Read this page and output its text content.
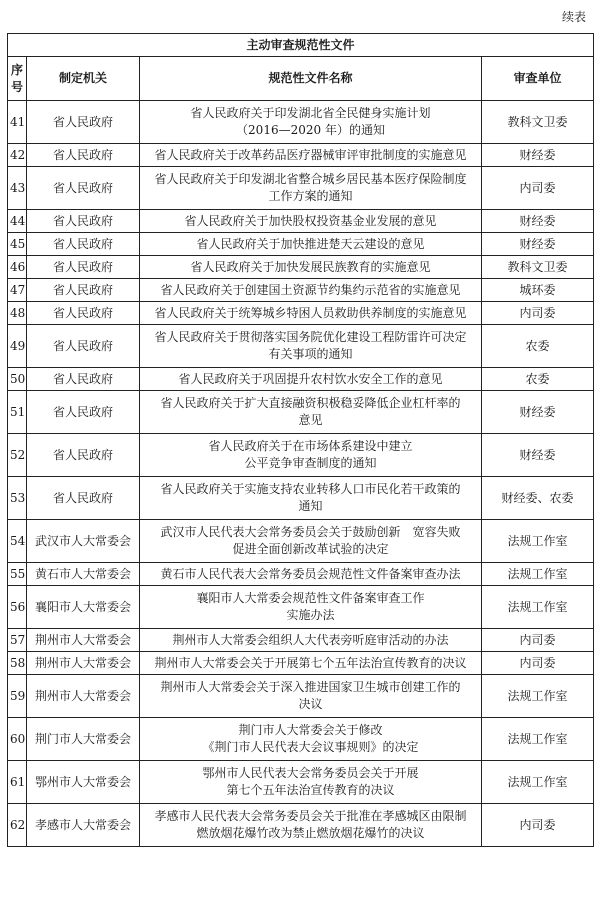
续表
主动审查规范性文件			
序号	制定机关	规范性文件名称	审查单位
41	省人民政府	省人民政府关于印发湖北省全民健身实施计划
（2016—2020 年）的通知	教科文卫委
42	省人民政府	省人民政府关于改革药品医疗器械审评审批制度的实施意见	财经委
43	省人民政府	省人民政府关于印发湖北省整合城乡居民基本医疗保险制度
工作方案的通知	内司委
44	省人民政府	省人民政府关于加快股权投资基金业发展的意见	财经委
45	省人民政府	省人民政府关于加快推进楚天云建设的意见	财经委
46	省人民政府	省人民政府关于加快发展民族教育的实施意见	教科文卫委
47	省人民政府	省人民政府关于创建国土资源节约集约示范省的实施意见	城环委
48	省人民政府	省人民政府关于统筹城乡特困人员救助供养制度的实施意见	内司委
49	省人民政府	省人民政府关于贯彻落实国务院优化建设工程防雷许可决定
有关事项的通知	农委
50	省人民政府	省人民政府关于巩固提升农村饮水安全工作的意见	农委
51	省人民政府	省人民政府关于扩大直接融资积极稳妥降低企业杠杆率的
意见	财经委
52	省人民政府	省人民政府关于在市场体系建设中建立
公平竞争审查制度的通知	财经委
53	省人民政府	省人民政府关于实施支持农业转移人口市民化若干政策的
通知	财经委、农委
54	武汉市人大常委会	武汉市人民代表大会常务委员会关于鼓励创新　宽容失败
促进全面创新改革试验的决定	法规工作室
55	黄石市人大常委会	黄石市人民代表大会常务委员会规范性文件备案审查办法	法规工作室
56	襄阳市人大常委会	襄阳市人大常委会规范性文件备案审查工作
实施办法	法规工作室
57	荆州市人大常委会	荆州市人大常委会组织人大代表旁听庭审活动的办法	内司委
58	荆州市人大常委会	荆州市人大常委会关于开展第七个五年法治宣传教育的决议	内司委
59	荆州市人大常委会	荆州市人大常委会关于深入推进国家卫生城市创建工作的
决议	法规工作室
60	荆门市人大常委会	荆门市人大常委会关于修改
《荆门市人民代表大会议事规则》的决定	法规工作室
61	鄂州市人大常委会	鄂州市人民代表大会常务委员会关于开展
第七个五年法治宣传教育的决议	法规工作室
62	孝感市人大常委会	孝感市人民代表大会常务委员会关于批准在孝感城区由限制
燃放烟花爆竹改为禁止燃放烟花爆竹的决议	内司委
